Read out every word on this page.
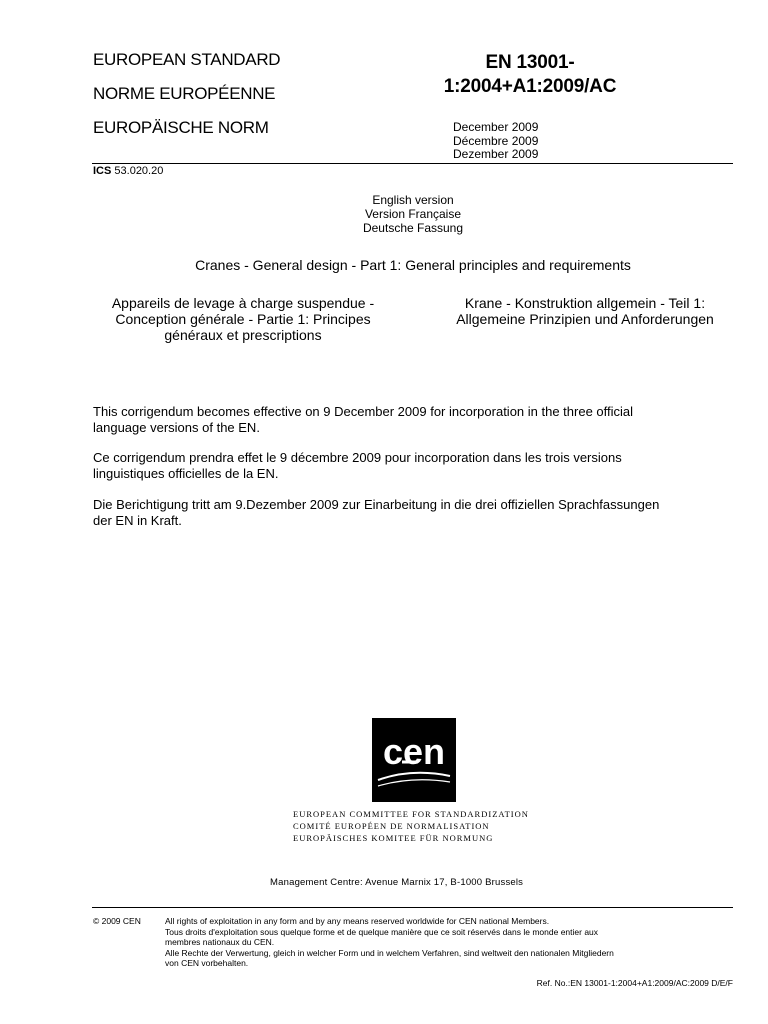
EUROPEAN STANDARD
NORME EUROPÉENNE
EUROPÄISCHE NORM
EN 13001-
1:2004+A1:2009/AC
December 2009
Décembre 2009
Dezember 2009
ICS 53.020.20
English version
Version Française
Deutsche Fassung
Cranes - General design - Part 1: General principles and requirements
Appareils de levage à charge suspendue -
Conception générale - Partie 1: Principes
généraux et prescriptions
Krane - Konstruktion allgemein - Teil 1:
Allgemeine Prinzipien und Anforderungen
This corrigendum becomes effective on 9 December 2009 for incorporation in the three official
language versions of the EN.
Ce corrigendum prendra effet le 9 décembre 2009 pour incorporation dans les trois versions
linguistiques officielles de la EN.
Die Berichtigung tritt am 9.Dezember 2009 zur Einarbeitung in die drei offiziellen Sprachfassungen
der EN in Kraft.
cen
EUROPEAN COMMITTEE FOR STANDARDIZATION
COMITÉ EUROPÉEN DE NORMALISATION
EUROPÄISCHES KOMITEE FÜR NORMUNG
Management Centre: Avenue Marnix 17, B-1000 Brussels
© 2009 CEN	All rights of exploitation in any form and by any means reserved worldwide for CEN national Members.
Tous droits d'exploitation sous quelque forme et de quelque manière que ce soit réservés dans le monde entier aux
membres nationaux du CEN.
Alle Rechte der Verwertung, gleich in welcher Form und in welchem Verfahren, sind weltweit den nationalen Mitgliedern
von CEN vorbehalten.
Ref. No.:EN 13001-1:2004+A1:2009/AC:2009 D/E/F
